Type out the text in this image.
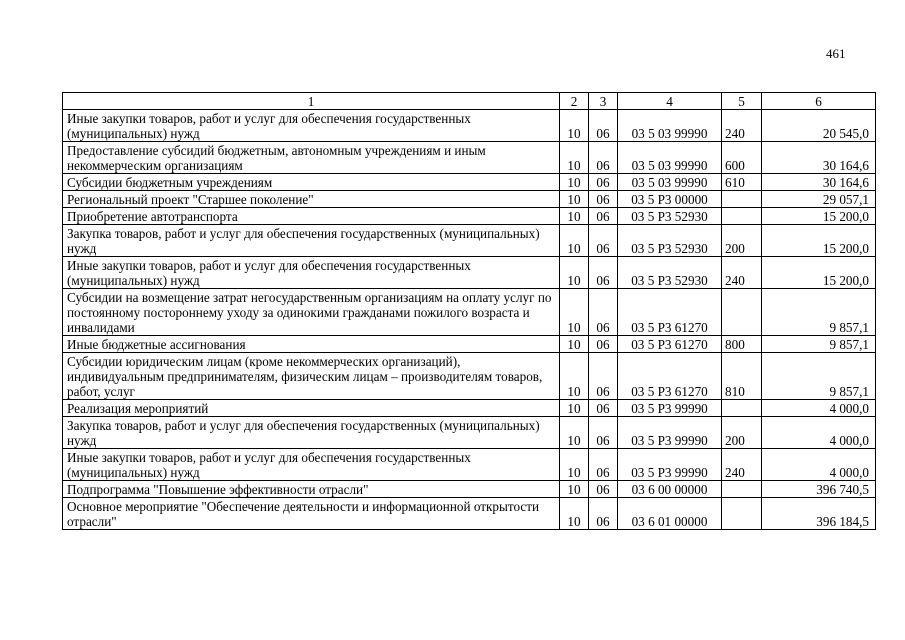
461
1	2	3	4	5	6
Иные закупки товаров, работ и услуг для обеспечения государственных (муниципальных) нужд	10	06	03 5 03 99990	240	20 545,0
Предоставление субсидий бюджетным, автономным учреждениям и иным некоммерческим организациям	10	06	03 5 03 99990	600	30 164,6
Субсидии бюджетным учреждениям	10	06	03 5 03 99990	610	30 164,6
Региональный проект "Старшее поколение"	10	06	03 5 P3 00000		29 057,1
Приобретение автотранспорта	10	06	03 5 P3 52930		15 200,0
Закупка товаров, работ и услуг для обеспечения государственных (муниципальных) нужд	10	06	03 5 P3 52930	200	15 200,0
Иные закупки товаров, работ и услуг для обеспечения государственных (муниципальных) нужд	10	06	03 5 P3 52930	240	15 200,0
Субсидии на возмещение затрат негосударственным организациям на оплату услуг по постоянному постороннему уходу за одинокими гражданами пожилого возраста и инвалидами	10	06	03 5 P3 61270		9 857,1
Иные бюджетные ассигнования	10	06	03 5 P3 61270	800	9 857,1
Субсидии юридическим лицам (кроме некоммерческих организаций), индивидуальным предпринимателям, физическим лицам – производителям товаров, работ, услуг	10	06	03 5 P3 61270	810	9 857,1
Реализация мероприятий	10	06	03 5 P3 99990		4 000,0
Закупка товаров, работ и услуг для обеспечения государственных (муниципальных) нужд	10	06	03 5 P3 99990	200	4 000,0
Иные закупки товаров, работ и услуг для обеспечения государственных (муниципальных) нужд	10	06	03 5 P3 99990	240	4 000,0
Подпрограмма "Повышение эффективности отрасли"	10	06	03 6 00 00000		396 740,5
Основное мероприятие "Обеспечение деятельности и информационной открытости отрасли"	10	06	03 6 01 00000		396 184,5
